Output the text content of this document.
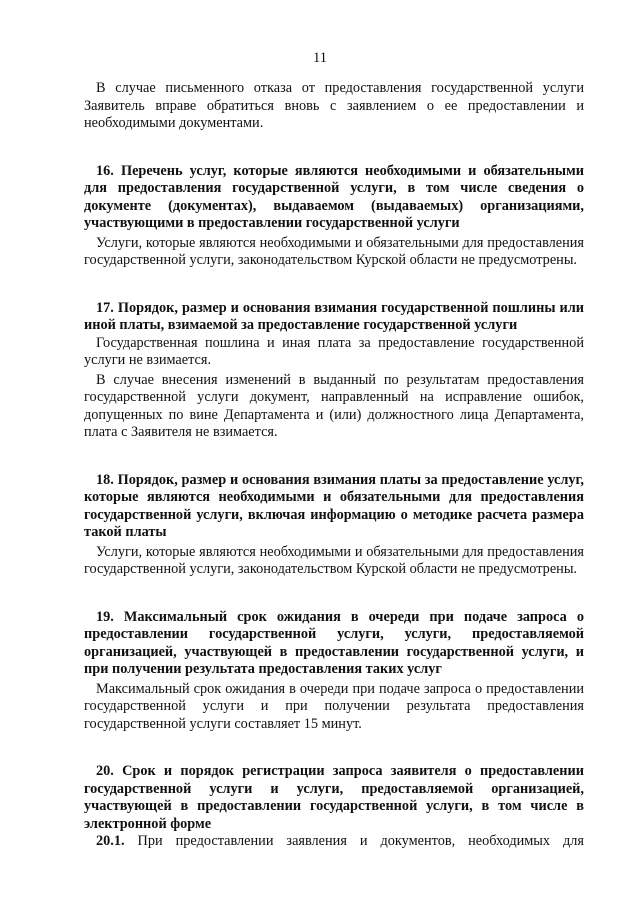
11

В случае письменного отказа от предоставления государственной услуги Заявитель вправе обратиться вновь с заявлением о ее предоставлении и необходимыми документами.

16. Перечень услуг, которые являются необходимыми и обязательными для предоставления государственной услуги, в том числе сведения о документе (документах), выдаваемом (выдаваемых) организациями, участвующими в предоставлении государственной услуги

Услуги, которые являются необходимыми и обязательными для предоставления государственной услуги, законодательством Курской области не предусмотрены.

17. Порядок, размер и основания взимания государственной пошлины или иной платы, взимаемой за предоставление государственной услуги

Государственная пошлина и иная плата за предоставление государственной услуги не взимается.

В случае внесения изменений в выданный по результатам предоставления государственной услуги документ, направленный на исправление ошибок, допущенных по вине Департамента и (или) должностного лица Департамента, плата с Заявителя не взимается.

18. Порядок, размер и основания взимания платы за предоставление услуг, которые являются необходимыми и обязательными для предоставления государственной услуги, включая информацию о методике расчета размера такой платы

Услуги, которые являются необходимыми и обязательными для предоставления государственной услуги, законодательством Курской области не предусмотрены.

19. Максимальный срок ожидания в очереди при подаче запроса о предоставлении государственной услуги, услуги, предоставляемой организацией, участвующей в предоставлении государственной услуги, и при получении результата предоставления таких услуг

Максимальный срок ожидания в очереди при подаче запроса о предоставлении государственной услуги и при получении результата предоставления государственной услуги составляет 15 минут.

20. Срок и порядок регистрации запроса заявителя о предоставлении государственной услуги и услуги, предоставляемой организацией, участвующей в предоставлении государственной услуги, в том числе в электронной форме

20.1. При предоставлении заявления и документов, необходимых для
